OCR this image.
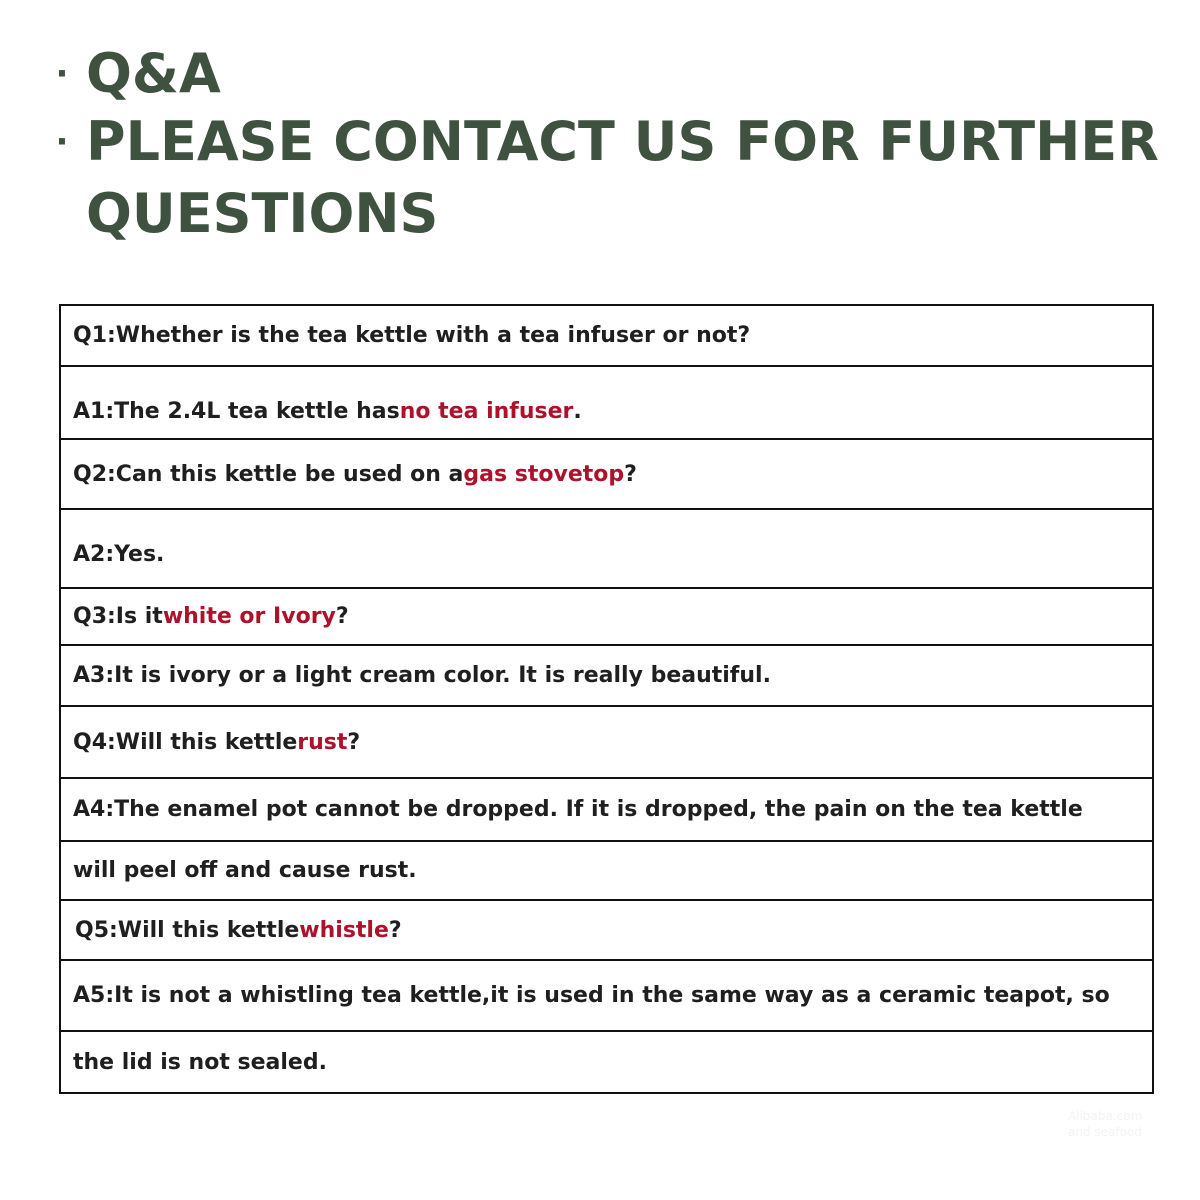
· Q&A
· PLEASE CONTACT US FOR FURTHER
QUESTIONS
Q1:Whether is the tea kettle with a tea infuser or not?
A1:The 2.4L tea kettle has no tea infuser .
Q2:Can this kettle be used on a gas stovetop ?
A2:Yes.
Q3:Is it white or Ivory ?
A3:It is ivory or a light cream color. It is really beautiful.
Q4:Will this kettle rust ?
A4:The enamel pot cannot be dropped. If it is dropped, the pain on the tea kettle
will peel off and cause rust.
Q5:Will this kettle whistle ?
A5:It is not a whistling tea kettle,it is used in the same way as a ceramic teapot, so
the lid is not sealed.
Alibaba.com
and seafood
